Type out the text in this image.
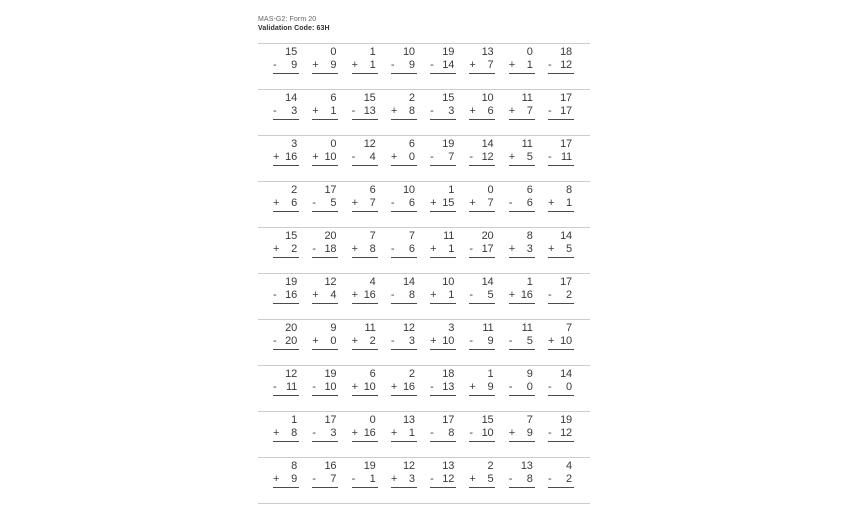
MAS-G2: Form 20
Validation Code: 63H
15
- 9
0
+ 9
1
+ 1
10
- 9
19
- 14
13
+ 7
0
+ 1
18
- 12
14
- 3
6
+ 1
15
- 13
2
+ 8
15
- 3
10
+ 6
11
+ 7
17
- 17
3
+ 16
0
+ 10
12
- 4
6
+ 0
19
- 7
14
- 12
11
+ 5
17
- 11
2
+ 6
17
- 5
6
+ 7
10
- 6
1
+ 15
0
+ 7
6
- 6
8
+ 1
15
+ 2
20
- 18
7
+ 8
7
- 6
11
+ 1
20
- 17
8
+ 3
14
+ 5
19
- 16
12
+ 4
4
+ 16
14
- 8
10
+ 1
14
- 5
1
+ 16
17
- 2
20
- 20
9
+ 0
11
+ 2
12
- 3
3
+ 10
11
- 9
11
- 5
7
+ 10
12
- 11
19
- 10
6
+ 10
2
+ 16
18
- 13
1
+ 9
9
- 0
14
- 0
1
+ 8
17
- 3
0
+ 16
13
+ 1
17
- 8
15
- 10
7
+ 9
19
- 12
8
+ 9
16
- 7
19
- 1
12
+ 3
13
- 12
2
+ 5
13
- 8
4
- 2
